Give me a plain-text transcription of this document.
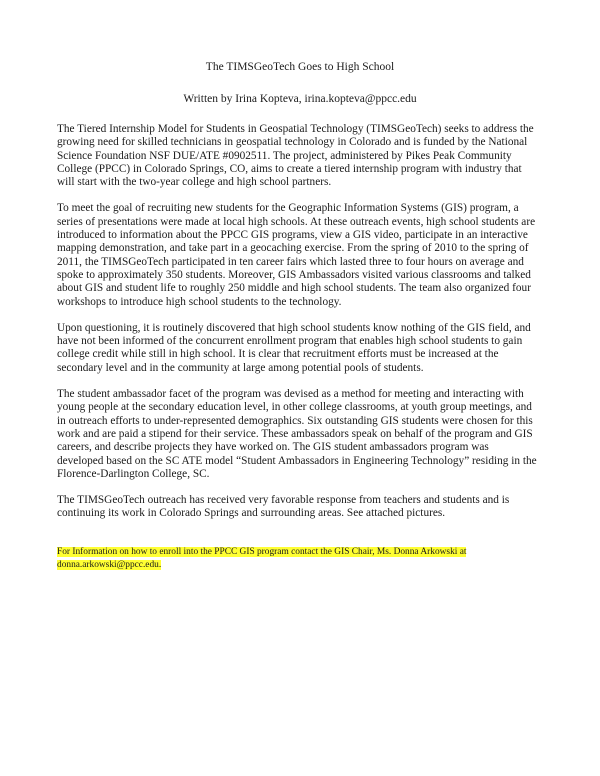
The TIMSGeoTech Goes to High School
Written by Irina Kopteva, irina.kopteva@ppcc.edu

The Tiered Internship Model for Students in Geospatial Technology (TIMSGeoTech) seeks to address the growing need for skilled technicians in geospatial technology in Colorado and is funded by the National Science Foundation NSF DUE/ATE #0902511. The project, administered by Pikes Peak Community College (PPCC) in Colorado Springs, CO, aims to create a tiered internship program with industry that will start with the two-year college and high school partners.

To meet the goal of recruiting new students for the Geographic Information Systems (GIS) program, a series of presentations were made at local high schools. At these outreach events, high school students are introduced to information about the PPCC GIS programs, view a GIS video, participate in an interactive mapping demonstration, and take part in a geocaching exercise. From the spring of 2010 to the spring of 2011, the TIMSGeoTech participated in ten career fairs which lasted three to four hours on average and spoke to approximately 350 students. Moreover, GIS Ambassadors visited various classrooms and talked about GIS and student life to roughly 250 middle and high school students. The team also organized four workshops to introduce high school students to the technology.

Upon questioning, it is routinely discovered that high school students know nothing of the GIS field, and have not been informed of the concurrent enrollment program that enables high school students to gain college credit while still in high school. It is clear that recruitment efforts must be increased at the secondary level and in the community at large among potential pools of students.

The student ambassador facet of the program was devised as a method for meeting and interacting with young people at the secondary education level, in other college classrooms, at youth group meetings, and in outreach efforts to under-represented demographics. Six outstanding GIS students were chosen for this work and are paid a stipend for their service. These ambassadors speak on behalf of the program and GIS careers, and describe projects they have worked on. The GIS student ambassadors program was developed based on the SC ATE model “Student Ambassadors in Engineering Technology” residing in the Florence-Darlington College, SC.

The TIMSGeoTech outreach has received very favorable response from teachers and students and is continuing its work in Colorado Springs and surrounding areas. See attached pictures.

For Information on how to enroll into the PPCC GIS program contact the GIS Chair, Ms. Donna Arkowski at
donna.arkowski@ppcc.edu.
